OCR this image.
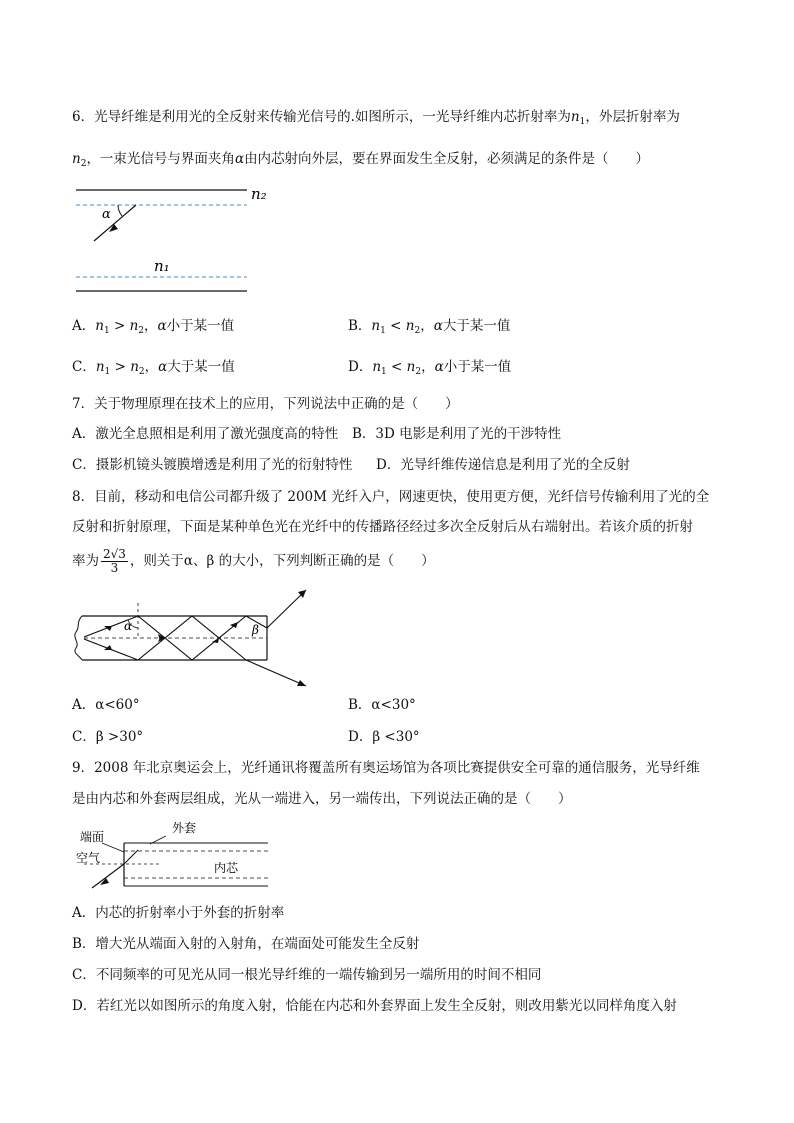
6．光导纤维是利用光的全反射来传输光信号的.如图所示，一光导纤维内芯折射率为$n_1$，外层折射率为
$n_2$，一束光信号与界面夹角α由内芯射向外层，要在界面发生全反射，必须满足的条件是（　　）
n₂
n₁
α
A．$n_1 > n_2$，α小于某一值	B．$n_1 < n_2$，α大于某一值
C．$n_1 > n_2$，α大于某一值	D．$n_1 < n_2$，α小于某一值
7．关于物理原理在技术上的应用，下列说法中正确的是（　　）
A．激光全息照相是利用了激光强度高的特性 B．3D 电影是利用了光的干涉特性
C．摄影机镜头镀膜增透是利用了光的衍射特性 D．光导纤维传递信息是利用了光的全反射
8．目前，移动和电信公司都升级了 200M 光纤入户，网速更快，使用更方便，光纤信号传输利用了光的全
反射和折射原理，下面是某种单色光在光纤中的传播路径经过多次全反射后从右端射出。若该介质的折射
率为 $\frac{2√3}{3}$ ，则关于α、β 的大小，下列判断正确的是（　　）
α	β
A．α<60°	B．α<30°
C．β >30°	D．β <30°
9．2008 年北京奥运会上，光纤通讯将覆盖所有奥运场馆为各项比赛提供安全可靠的通信服务，光导纤维
是由内芯和外套两层组成，光从一端进入，另一端传出，下列说法正确的是（　　）
端面
空气
外套
内芯
A．内芯的折射率小于外套的折射率
B．增大光从端面入射的入射角，在端面处可能发生全反射
C．不同频率的可见光从同一根光导纤维的一端传输到另一端所用的时间不相同
D．若红光以如图所示的角度入射，恰能在内芯和外套界面上发生全反射，则改用紫光以同样角度入射
